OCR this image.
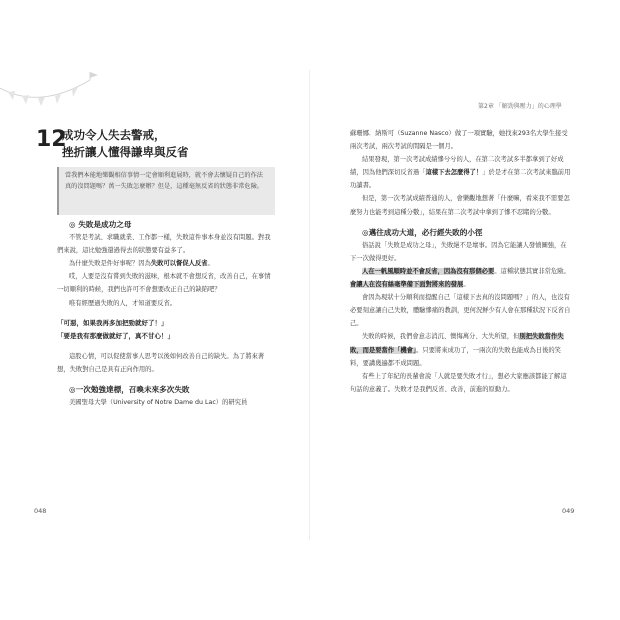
12
成功令人失去警戒，
挫折讓人懂得謙卑與反省
當我們本能地樂觀相信事情一定會順利進展時，就不會去懷疑自己的作法真的沒問題嗎？萬一失敗怎麼辦？但是，這種毫無反省的狀態非常危險。

◎ 失敗是成功之母

不管是考試、求職就業、工作都一樣，失敗這件事本身並沒有問題。對我們來說，這比勉強還過得去的狀態要有益多了。

為什麼失敗是件好事呢？因為失敗可以督促人反省。

哎，人要是沒有嘗到失敗的滋味，根本就不會想反省，改善自己，在事情一切順利的時候，我們也許可不會想要改正自己的缺陷吧？

唯有經歷過失敗的人，才知道要反省。

「可惡，如果我再多加把勁就好了！」

「要是我有那麼做就好了，真不甘心！」

這股心情，可以促使當事人思考以後如何改善自己的缺失。為了將來著想，失敗對自己是具有正向作用的。

◎一次勉強達標，召喚未來多次失敗

美國聖母大學（University of Notre Dame du Lac）的研究員

048
第2章 「解勁與壓力」的心理學

蘇珊娜．納斯可（Suzanne Nasco）做了一項實驗，她找來293名大學生接受兩次考試，兩次考試的間隔是一個月。

結果發現，第一次考試成績慘兮兮的人，在第二次考試多半都拿到了好成績，因為他們深切反省過「這樣下去怎麼得了！」於是才在第二次考試來臨前用功讀書。

但是，第一次考試成績普通的人，會樂觀地想著「什麼嘛，看來我不需要怎麼努力也能考到這種分數」，結果在第二次考試中拿到了慘不忍睹的分數。

◎邁往成功大道，必行經失敗的小徑

俗話說「失敗是成功之母」，失敗絕不是壞事。因為它能讓人發憤圖強，在下一次做得更好。

人在一帆風順時並不會反省，因為沒有那個必要。這種狀態其實非常危險。會讓人在沒有絲毫準備下面對將來的發展。

會因為現狀十分順利而提醒自己「這樣下去真的沒問題嗎？」的人，也沒有必要刻意讓自己失敗，體驗慘痛的教訓，更何況鮮少有人會在那種狀況下反省自己。

失敗的時候，我們會意志消沉、懊悔萬分、大失所望，但別把失敗當作失敗，而是要當作「機會」。只要將來成功了，一兩次的失敗也能成為日後的笑料，要講幾遍都不成問題。

有些上了年紀的長輩會說「人就是要失敗才行」，想必大家應該都能了解這句話的意義了。失敗才是我們反省、改善，前進的原動力。

049
